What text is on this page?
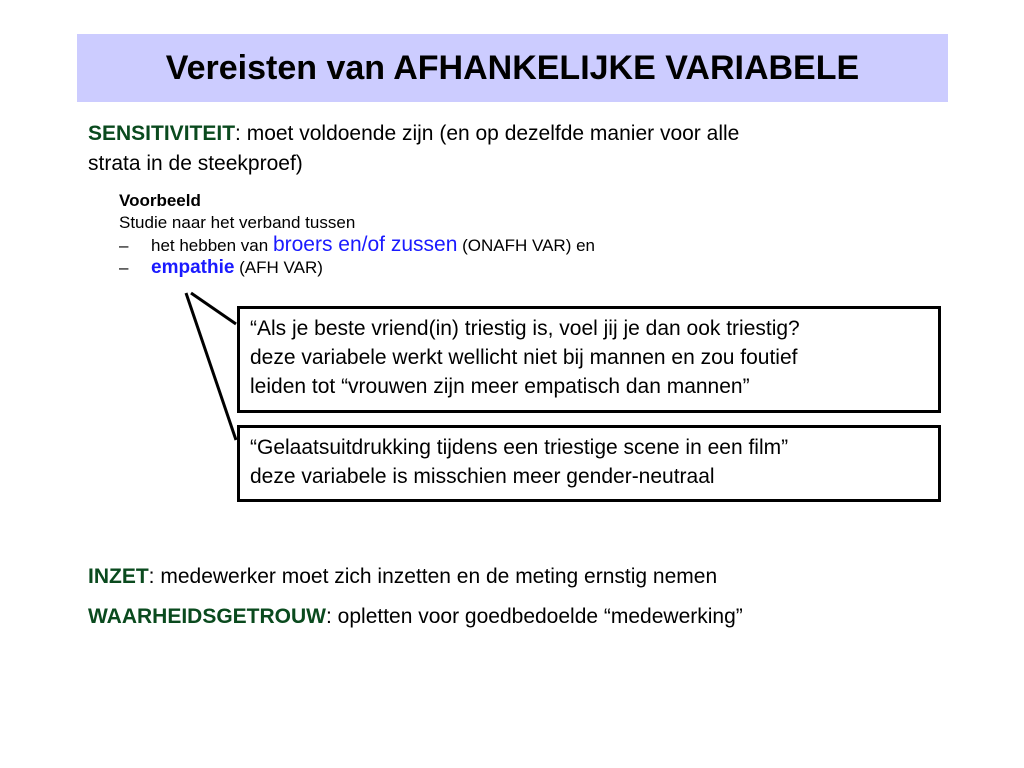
Vereisten van AFHANKELIJKE VARIABELE
SENSITIVITEIT: moet voldoende zijn (en op dezelfde manier voor alle
strata in de steekproef)
Voorbeeld
Studie naar het verband tussen
– het hebben van broers en/of zussen (ONAFH VAR) en
– empathie (AFH VAR)
“Als je beste vriend(in) triestig is, voel jij je dan ook triestig?
deze variabele werkt wellicht niet bij mannen en zou foutief
leiden tot “vrouwen zijn meer empatisch dan mannen”
“Gelaatsuitdrukking tijdens een triestige scene in een film”
deze variabele is misschien meer gender-neutraal
INZET: medewerker moet zich inzetten en de meting ernstig nemen
WAARHEIDSGETROUW: opletten voor goedbedoelde “medewerking”
